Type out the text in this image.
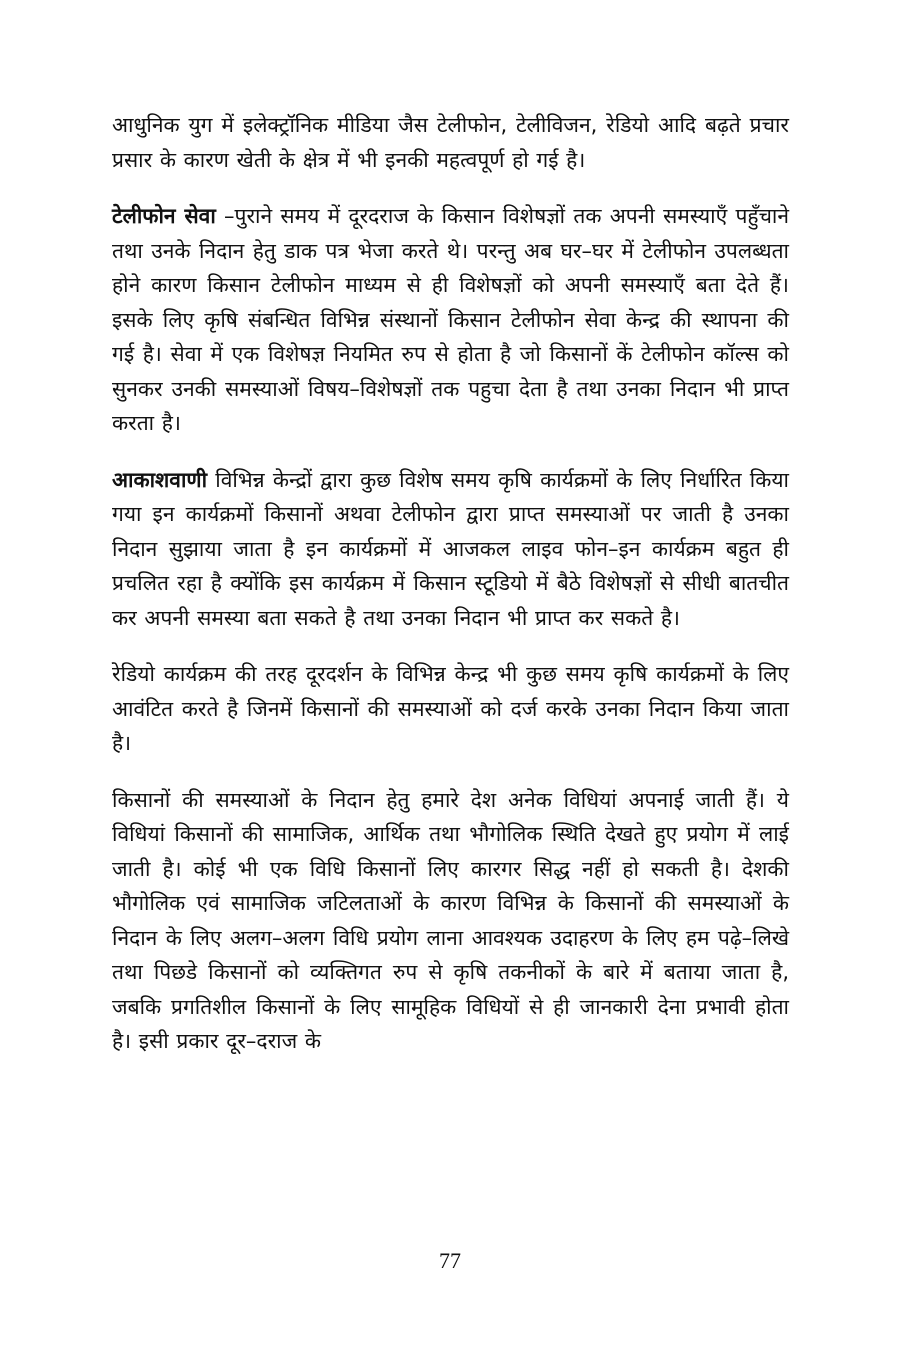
आधुनिक युग में इलेक्ट्रॉनिक मीडिया जैस टेलीफोन, टेलीविजन, रेडियो आदि बढ़ते प्रचार प्रसार के कारण खेती के क्षेत्र में भी इनकी महत्वपूर्ण हो गई है।

टेलीफोन सेवा –पुराने समय में दूरदराज के किसान विशेषज्ञों तक अपनी समस्याएँ पहुँचाने तथा उनके निदान हेतु डाक पत्र भेजा करते थे। परन्तु अब घर–घर में टेलीफोन उपलब्धता होने कारण किसान टेलीफोन माध्यम से ही विशेषज्ञों को अपनी समस्याएँ बता देते हैं। इसके लिए कृषि संबन्धित विभिन्न संस्थानों किसान टेलीफोन सेवा केन्द्र की स्थापना की गई है। सेवा में एक विशेषज्ञ नियमित रुप से होता है जो किसानों कें टेलीफोन कॉल्स को सुनकर उनकी समस्याओं विषय–विशेषज्ञों तक पहुचा देता है तथा उनका निदान भी प्राप्त करता है।

आकाशवाणी विभिन्न केन्द्रों द्वारा कुछ विशेष समय कृषि कार्यक्रमों के लिए निर्धारित किया गया इन कार्यक्रमों किसानों अथवा टेलीफोन द्वारा प्राप्त समस्याओं पर जाती है उनका निदान सुझाया जाता है इन कार्यक्रमों में आजकल लाइव फोन–इन कार्यक्रम बहुत ही प्रचलित रहा है क्योंकि इस कार्यक्रम में किसान स्टूडियो में बैठे विशेषज्ञों से सीधी बातचीत कर अपनी समस्या बता सकते है तथा उनका निदान भी प्राप्त कर सकते है।

रेडियो कार्यक्रम की तरह दूरदर्शन के विभिन्न केन्द्र भी कुछ समय कृषि कार्यक्रमों के लिए आवंटित करते है जिनमें किसानों की समस्याओं को दर्ज करके उनका निदान किया जाता है।

किसानों की समस्याओं के निदान हेतु हमारे देश अनेक विधियां अपनाई जाती हैं। ये विधियां किसानों की सामाजिक, आर्थिक तथा भौगोलिक स्थिति देखते हुए प्रयोग में लाई जाती है। कोई भी एक विधि किसानों लिए कारगर सिद्ध नहीं हो सकती है। देशकी भौगोलिक एवं सामाजिक जटिलताओं के कारण विभिन्न के किसानों की समस्याओं के निदान के लिए अलग–अलग विधि प्रयोग लाना आवश्यक उदाहरण के लिए हम पढ़े–लिखे तथा पिछडे किसानों को व्यक्तिगत रुप से कृषि तकनीकों के बारे में बताया जाता है, जबकि प्रगतिशील किसानों के लिए सामूहिक विधियों से ही जानकारी देना प्रभावी होता है। इसी प्रकार दूर–दराज के

77
